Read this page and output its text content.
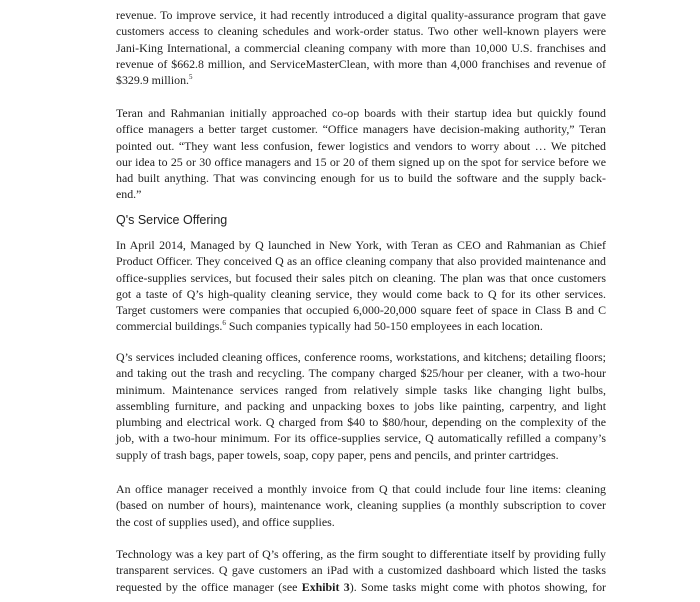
revenue. To improve service, it had recently introduced a digital quality-assurance program that gave
customers access to cleaning schedules and work-order status. Two other well-known players were
Jani-King International, a commercial cleaning company with more than 10,000 U.S. franchises and
revenue of $662.8 million, and ServiceMasterClean, with more than 4,000 franchises and revenue of
$329.9 million.$^5$

Teran and Rahmanian initially approached co-op boards with their startup idea but quickly found
office managers a better target customer. “Office managers have decision-making authority,” Teran
pointed out. “They want less confusion, fewer logistics and vendors to worry about … We pitched
our idea to 25 or 30 office managers and 15 or 20 of them signed up on the spot for service before we
had built anything. That was convincing enough for us to build the software and the supply back-
end.”

Q's Service Offering

In April 2014, Managed by Q launched in New York, with Teran as CEO and Rahmanian as Chief
Product Officer. They conceived Q as an office cleaning company that also provided maintenance and
office-supplies services, but focused their sales pitch on cleaning. The plan was that once customers
got a taste of Q’s high-quality cleaning service, they would come back to Q for its other services.
Target customers were companies that occupied 6,000-20,000 square feet of space in Class B and C
commercial buildings.$^6$ Such companies typically had 50-150 employees in each location.

Q’s services included cleaning offices, conference rooms, workstations, and kitchens; detailing floors;
and taking out the trash and recycling. The company charged $25/hour per cleaner, with a two-hour
minimum. Maintenance services ranged from relatively simple tasks like changing light bulbs,
assembling furniture, and packing and unpacking boxes to jobs like painting, carpentry, and light
plumbing and electrical work. Q charged from $40 to $80/hour, depending on the complexity of the
job, with a two-hour minimum. For its office-supplies service, Q automatically refilled a company’s
supply of trash bags, paper towels, soap, copy paper, pens and pencils, and printer cartridges.

An office manager received a monthly invoice from Q that could include four line items: cleaning
(based on number of hours), maintenance work, cleaning supplies (a monthly subscription to cover
the cost of supplies used), and office supplies.

Technology was a key part of Q’s offering, as the firm sought to differentiate itself by providing fully
transparent services. Q gave customers an iPad with a customized dashboard which listed the tasks
requested by the office manager (see Exhibit 3). Some tasks might come with photos showing, for
